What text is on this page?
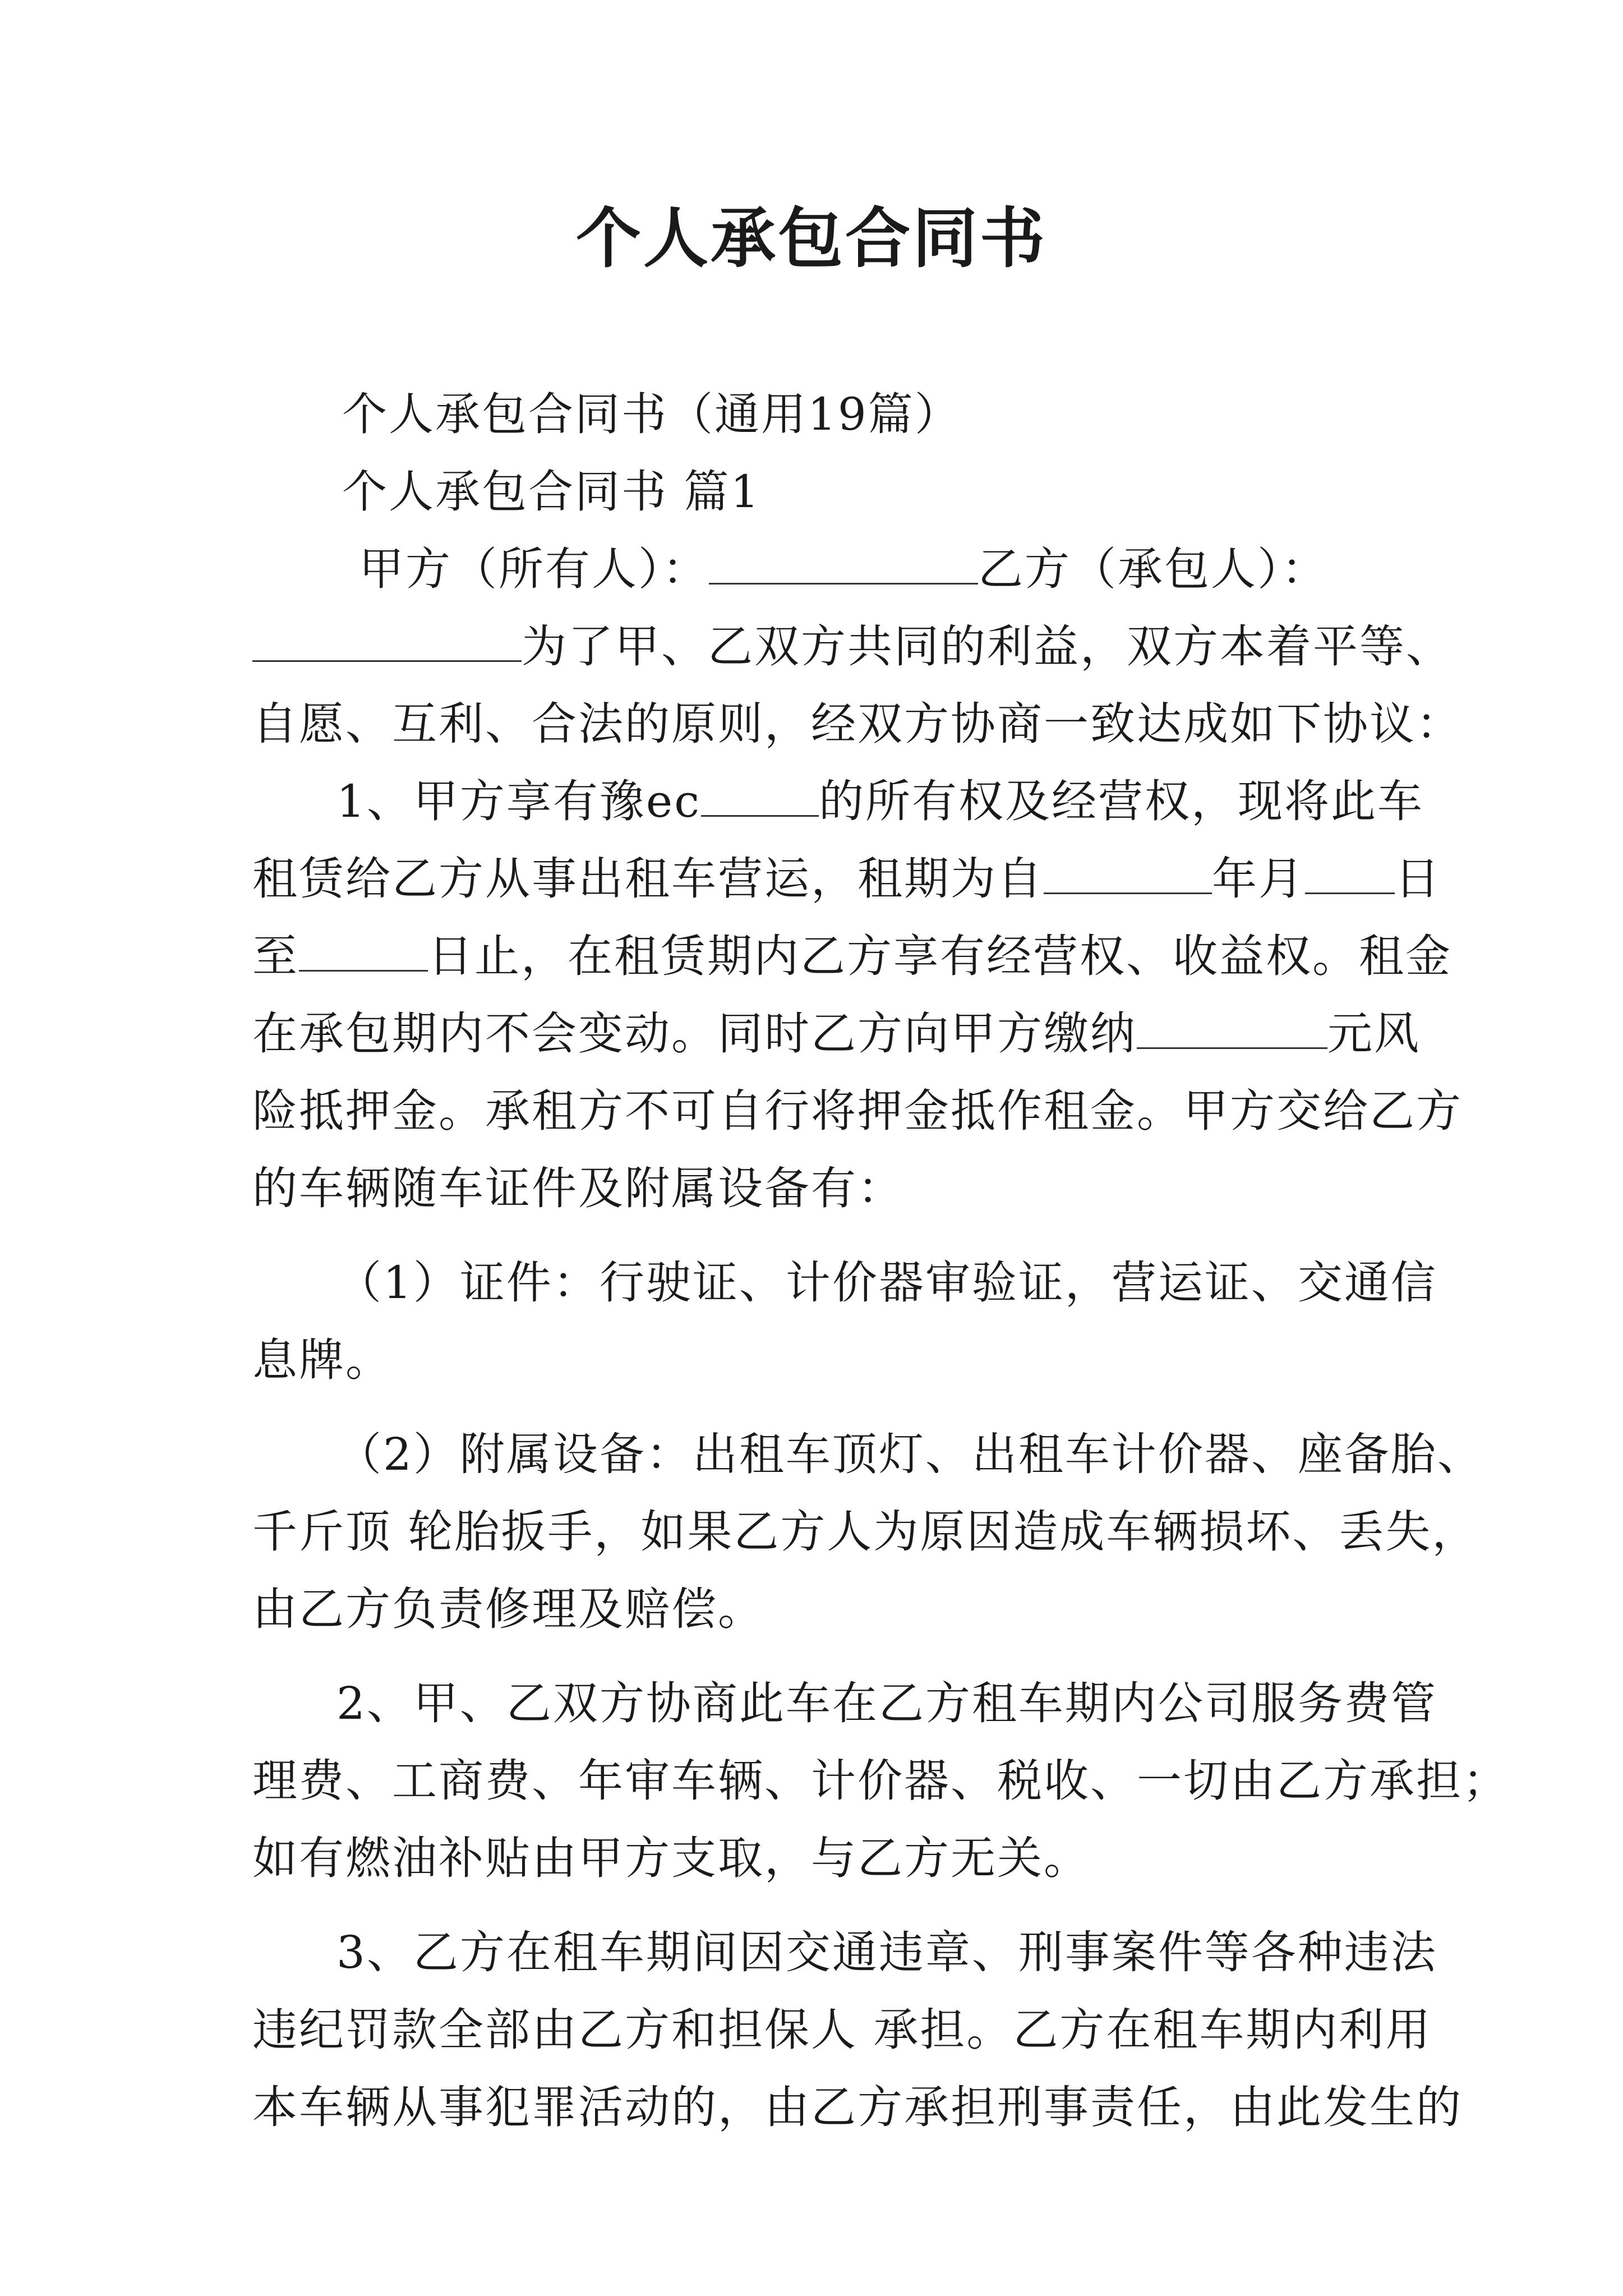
个人承包合同书
个人承包合同书（通用19篇）
个人承包合同书 篇1
甲方（所有人）：	乙方（承包人）：
为了甲、乙双方共同的利益，双方本着平等、
自愿、互利、合法的原则，经双方协商一致达成如下协议：
1、甲方享有豫ec	的所有权及经营权，现将此车
租赁给乙方从事出租车营运，租期为自	年月 日
至	日止，在租赁期内乙方享有经营权、收益权。租金
在承包期内不会变动。同时乙方向甲方缴纳	元风
险抵押金。承租方不可自行将押金抵作租金。甲方交给乙方
的车辆随车证件及附属设备有：
（1）证件：行驶证、计价器审验证，营运证、交通信
息牌。
（2）附属设备：出租车顶灯、出租车计价器、座备胎、
千斤顶 轮胎扳手，如果乙方人为原因造成车辆损坏、丢失，
由乙方负责修理及赔偿。
2、甲、乙双方协商此车在乙方租车期内公司服务费管
理费、工商费、年审车辆、计价器、税收、一切由乙方承担；
如有燃油补贴由甲方支取，与乙方无关。
3、乙方在租车期间因交通违章、刑事案件等各种违法
违纪罚款全部由乙方和担保人 承担。乙方在租车期内利用
本车辆从事犯罪活动的，由乙方承担刑事责任，由此发生的
